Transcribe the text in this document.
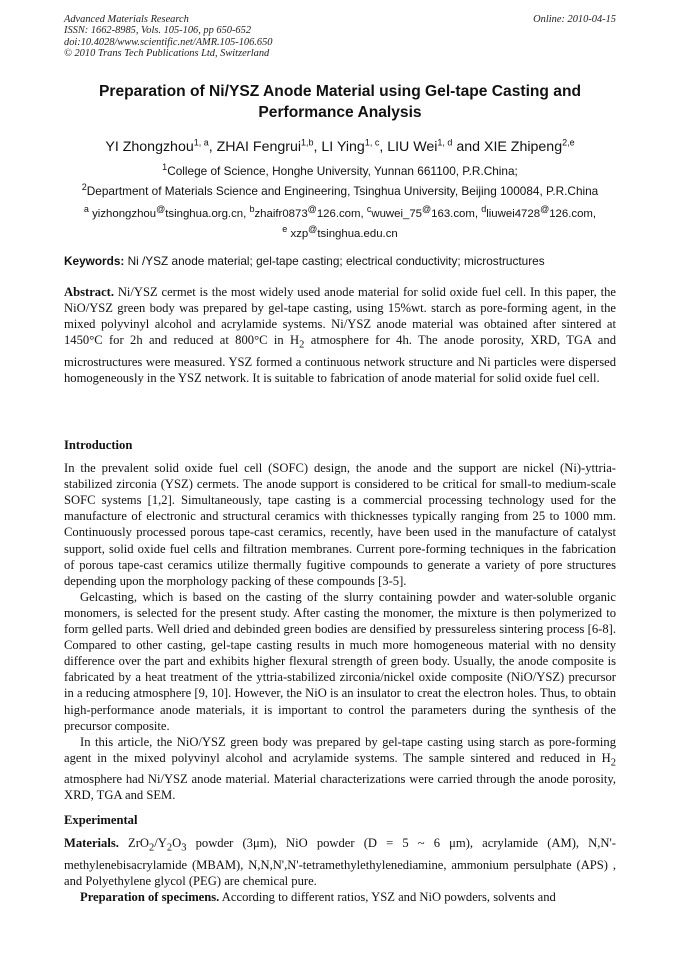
Advanced Materials Research	Online: 2010-04-15
ISSN: 1662-8985, Vols. 105-106, pp 650-652
doi:10.4028/www.scientific.net/AMR.105-106.650
© 2010 Trans Tech Publications Ltd, Switzerland
Preparation of Ni/YSZ Anode Material using Gel-tape Casting and Performance Analysis
YI Zhongzhou$^{1, a}$, ZHAI Fengrui$^{1,b}$, LI Ying$^{1, c}$, LIU Wei$^{1, d}$ and XIE Zhipeng$^{2,e}$
$^1$College of Science, Honghe University, Yunnan 661100, P.R.China;
$^2$Department of Materials Science and Engineering, Tsinghua University, Beijing 100084, P.R.China
$^a$ yizhongzhou@tsinghua.org.cn, $^b$zhaifr0873@126.com, $^c$wuwei_75@163.com, $^d$liuwei4728@126.com,
$^e$ xzp@tsinghua.edu.cn
Keywords: Ni /YSZ anode material; gel-tape casting; electrical conductivity; microstructures

Abstract. Ni/YSZ cermet is the most widely used anode material for solid oxide fuel cell. In this paper, the NiO/YSZ green body was prepared by gel-tape casting, using 15%wt. starch as pore-forming agent, in the mixed polyvinyl alcohol and acrylamide systems. Ni/YSZ anode material was obtained after sintered at 1450°C for 2h and reduced at 800°C in $H_2$ atmosphere for 4h. The anode porosity, XRD, TGA and microstructures were measured. YSZ formed a continuous network structure and Ni particles were dispersed homogeneously in the YSZ network. It is suitable to fabrication of anode material for solid oxide fuel cell.

Introduction

In the prevalent solid oxide fuel cell (SOFC) design, the anode and the support are nickel (Ni)-yttria-stabilized zirconia (YSZ) cermets. The anode support is considered to be critical for small-to medium-scale SOFC systems [1,2]. Simultaneously, tape casting is a commercial processing technology used for the manufacture of electronic and structural ceramics with thicknesses typically ranging from 25 to 1000 mm. Continuously processed porous tape-cast ceramics, recently, have been used in the manufacture of catalyst support, solid oxide fuel cells and filtration membranes. Current pore-forming techniques in the fabrication of porous tape-cast ceramics utilize thermally fugitive compounds to generate a variety of pore structures depending upon the morphology packing of these compounds [3-5].

Gelcasting, which is based on the casting of the slurry containing powder and water-soluble organic monomers, is selected for the present study. After casting the monomer, the mixture is then polymerized to form gelled parts. Well dried and debinded green bodies are densified by pressureless sintering process [6-8]. Compared to other casting, gel-tape casting results in much more homogeneous material with no density difference over the part and exhibits higher flexural strength of green body. Usually, the anode composite is fabricated by a heat treatment of the yttria-stabilized zirconia/nickel oxide composite (NiO/YSZ) precursor in a reducing atmosphere [9, 10]. However, the NiO is an insulator to creat the electron holes. Thus, to obtain high-performance anode materials, it is important to control the parameters during the synthesis of the precursor composite.

In this article, the NiO/YSZ green body was prepared by gel-tape casting using starch as pore-forming agent in the mixed polyvinyl alcohol and acrylamide systems. The sample sintered and reduced in $H_2$ atmosphere had Ni/YSZ anode material. Material characterizations were carried through the anode porosity, XRD, TGA and SEM.

Experimental

Materials. $ZrO_2/Y_2O_3$ powder (3μm), NiO powder (D = 5 ~ 6 μm), acrylamide (AM), N,N'-methylenebisacrylamide (MBAM), N,N,N',N'-tetramethylethylenediamine, ammonium persulphate (APS) , and Polyethylene glycol (PEG) are chemical pure.

Preparation of specimens. According to different ratios, YSZ and NiO powders, solvents and
